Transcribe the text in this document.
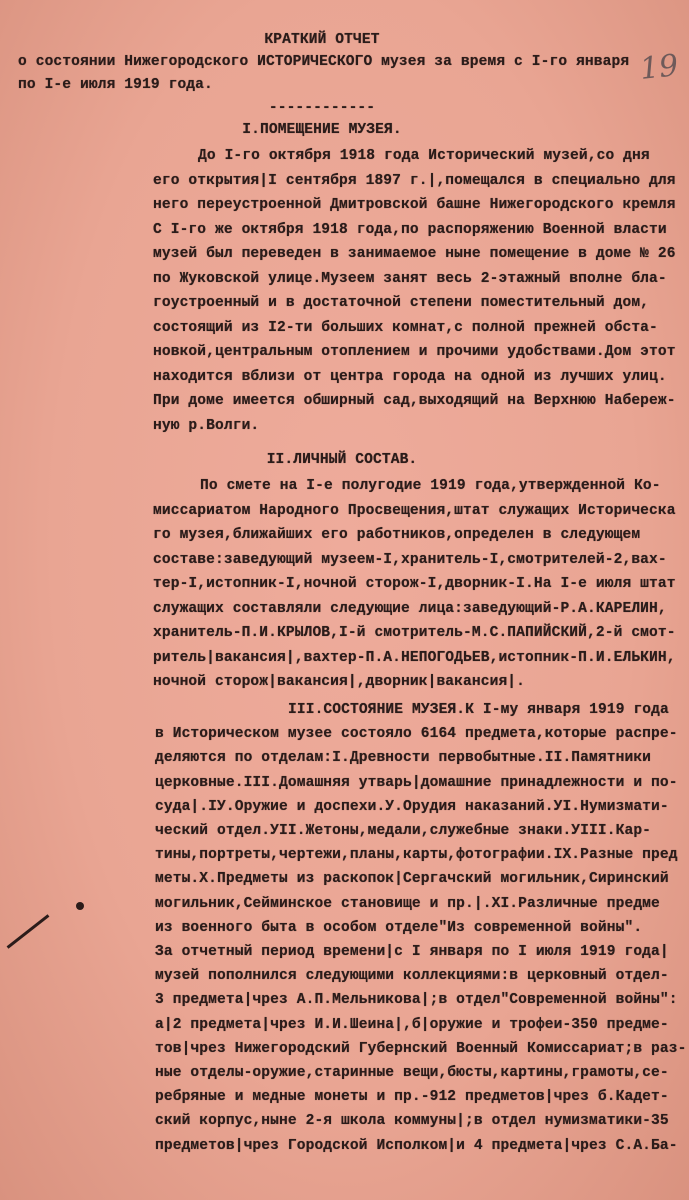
19
КРАТКИЙ ОТЧЕТ
о состоянии Нижегородского ИСТОРИЧЕСКОГО музея за время с I-го января
по I-е июля 1919 года.
------------
I.ПОМЕЩЕНИЕ МУЗЕЯ.
До I-го октября 1918 года Исторический музей,со дня
его открытия|I сентября 1897 г.|,помещался в специально для
него переустроенной Дмитровской башне Нижегородского кремля
С I-го же октября 1918 года,по распоряжению Военной власти
музей был переведен в занимаемое ныне помещение в доме № 26
по Жуковской улице.Музеем занят весь 2-этажный вполне бла-
гоустроенный и в достаточной степени поместительный дом,
состоящий из I2-ти больших комнат,с полной прежней обста-
новкой,центральным отоплением и прочими удобствами.Дом этот
находится вблизи от центра города на одной из лучших улиц.
При доме имеется обширный сад,выходящий на Верхнюю Набереж-
ную р.Волги.
II.ЛИЧНЫЙ СОСТАВ.
По смете на I-е полугодие 1919 года,утвержденной Ко-
миссариатом Народного Просвещения,штат служащих Историческа
го музея,ближайших его работников,определен в следующем
составе:заведующий музеем-I,хранитель-I,смотрителей-2,вах-
тер-I,истопник-I,ночной сторож-I,дворник-I.На I-е июля штат
служащих составляли следующие лица:заведующий-Р.А.КАРЕЛИН,
хранитель-П.И.КРЫЛОВ,I-й смотритель-М.С.ПАПИЙСКИЙ,2-й смот-
ритель|вакансия|,вахтер-П.А.НЕПОГОДЬЕВ,истопник-П.И.ЕЛЬКИН,
ночной сторож|вакансия|,дворник|вакансия|.
III.СОСТОЯНИЕ МУЗЕЯ.К I-му января 1919 года
в Историческом музее состояло 6164 предмета,которые распре-
деляются по отделам:I.Древности первобытные.II.Памятники
церковные.III.Домашняя утварь|домашние принадлежности и по-
суда|.IУ.Оружие и доспехи.У.Орудия наказаний.УI.Нумизмати-
ческий отдел.УII.Жетоны,медали,служебные знаки.УIII.Кар-
тины,портреты,чертежи,планы,карты,фотографии.IX.Разные пред
меты.X.Предметы из раскопок|Сергачский могильник,Сиринский
могильник,Сейминское становище и пр.|.XI.Различные предме
из военного быта в особом отделе"Из современной войны".
За отчетный период времени|с I января по I июля 1919 года|
музей пополнился следующими коллекциями:в церковный отдел-
3 предмета|чрез А.П.Мельникова|;в отдел"Современной войны":
а|2 предмета|чрез И.И.Шеина|,б|оружие и трофеи-350 предме-
тов|чрез Нижегородский Губернский Военный Комиссариат;в раз-
ные отделы-оружие,старинные вещи,бюсты,картины,грамоты,се-
ребряные и медные монеты и пр.-912 предметов|чрез б.Кадет-
ский корпус,ныне 2-я школа коммуны|;в отдел нумизматики-35
предметов|чрез Городской Исполком|и 4 предмета|чрез С.А.Ба-
